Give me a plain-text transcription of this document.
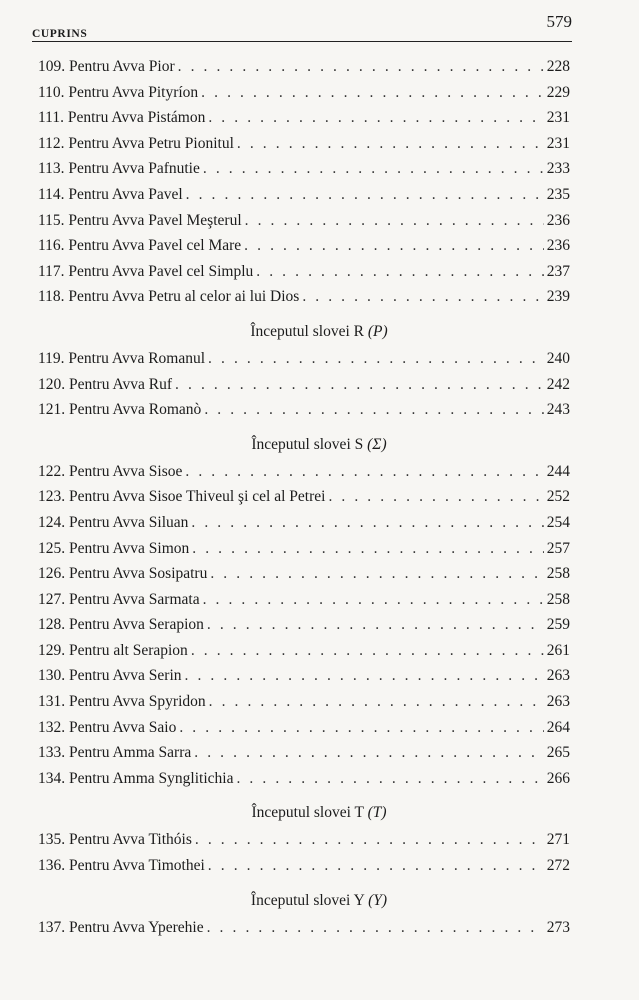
CUPRINS
579
109. Pentru Avva Pior . . .	228
110. Pentru Avva Pityríon . . .	229
111. Pentru Avva Pistámon . . .	231
112. Pentru Avva Petru Pionitul . . .	231
113. Pentru Avva Pafnutie . . .	233
114. Pentru Avva Pavel . . .	235
115. Pentru Avva Pavel Meşterul . . .	236
116. Pentru Avva Pavel cel Mare . . .	236
117. Pentru Avva Pavel cel Simplu . . .	237
118. Pentru Avva Petru al celor ai lui Dios . . .	239
Începutul slovei R (P)
119. Pentru Avva Romanul . . .	240
120. Pentru Avva Ruf . . .	242
121. Pentru Avva Romanò . . .	243
Începutul slovei S (Σ)
122. Pentru Avva Sisoe . . .	244
123. Pentru Avva Sisoe Thiveul şi cel al Petrei . . .	252
124. Pentru Avva Siluan . . .	254
125. Pentru Avva Simon . . .	257
126. Pentru Avva Sosipatru . . .	258
127. Pentru Avva Sarmata . . .	258
128. Pentru Avva Serapion . . .	259
129. Pentru alt Serapion . . .	261
130. Pentru Avva Serin . . .	263
131. Pentru Avva Spyridon . . .	263
132. Pentru Avva Saio . . .	264
133. Pentru Amma Sarra . . .	265
134. Pentru Amma Synglitichia . . .	266
Începutul slovei T (T)
135. Pentru Avva Tithóis . . .	271
136. Pentru Avva Timothei . . .	272
Începutul slovei Y (Υ)
137. Pentru Avva Yperehie . . .	273
